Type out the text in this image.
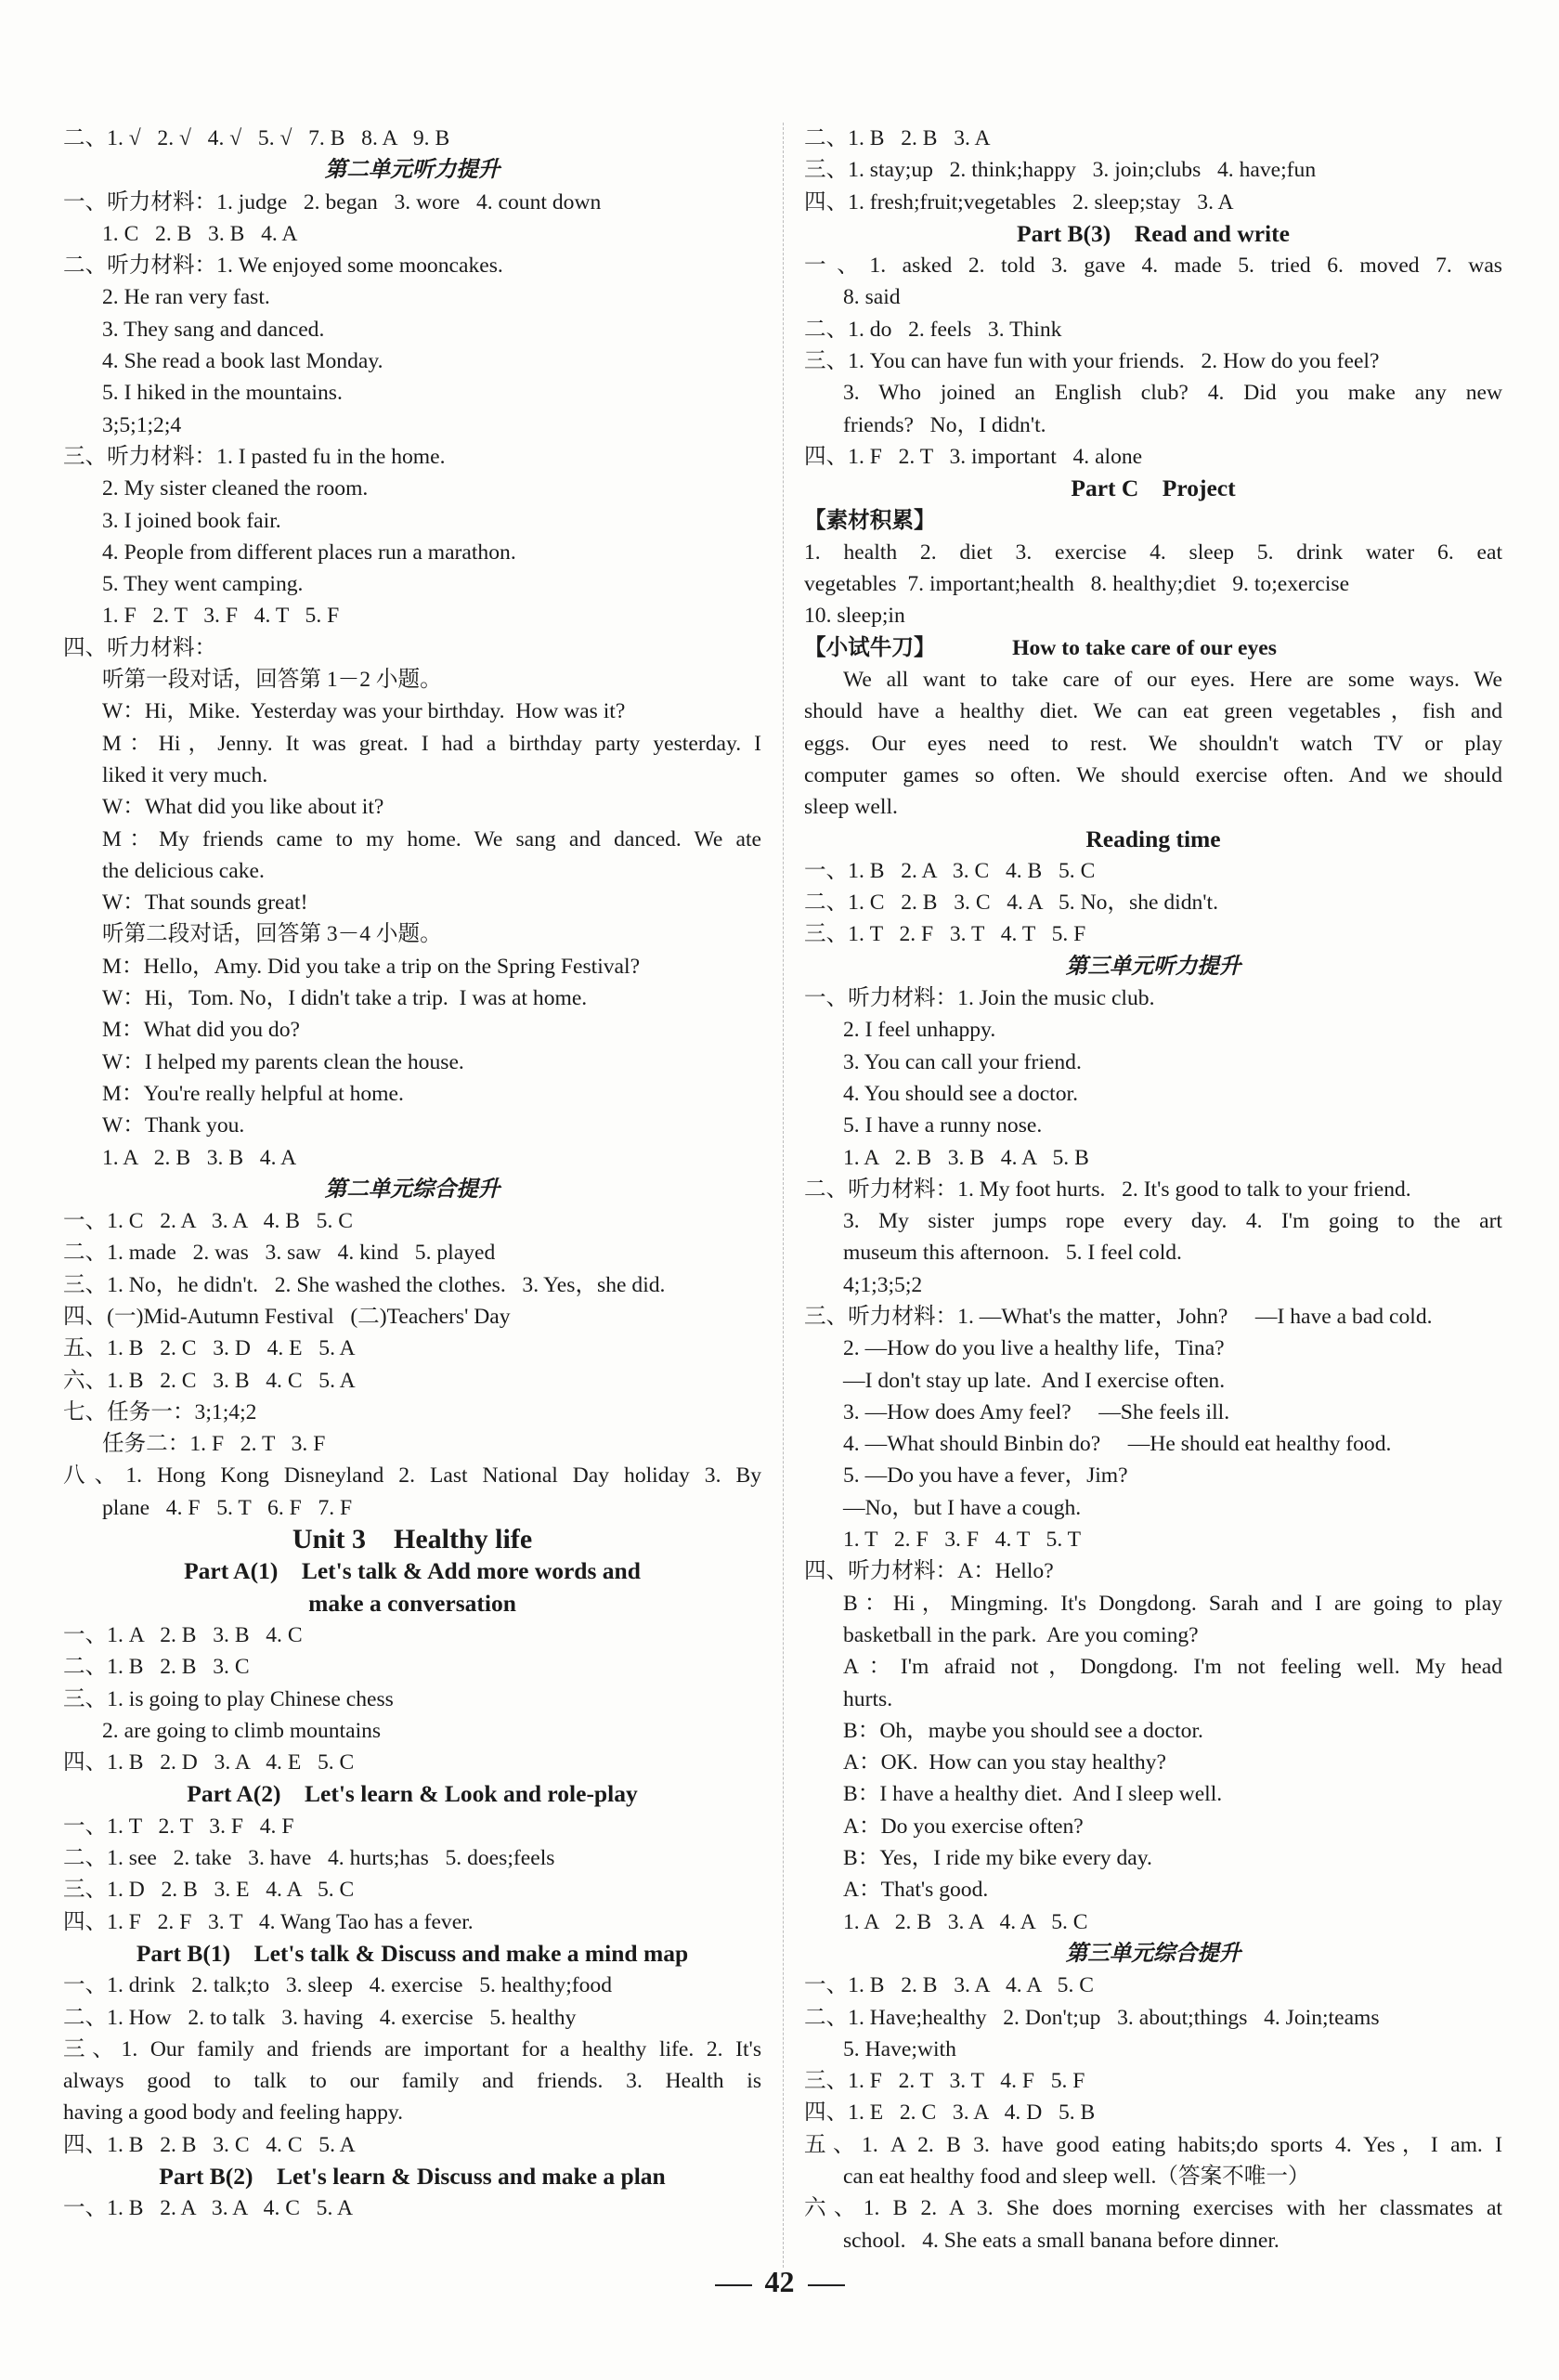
二、1. √   2. √   4. √   5. √   7. B   8. A   9. B
第二单元听力提升
一、听力材料：1. judge   2. began   3. wore   4. count down
1. C   2. B   3. B   4. A
二、听力材料：1. We enjoyed some mooncakes.
2. He ran very fast.
3. They sang and danced.
4. She read a book last Monday.
5. I hiked in the mountains.
3;5;1;2;4
三、听力材料：1. I pasted fu in the home.
2. My sister cleaned the room.
3. I joined book fair.
4. People from different places run a marathon.
5. They went camping.
1. F   2. T   3. F   4. T   5. F
四、听力材料：
听第一段对话，回答第 1－2 小题。
W：Hi，Mike.  Yesterday was your birthday.  How was it?
M：Hi，Jenny. It was great. I had a birthday party yesterday. I
liked it very much.
W：What did you like about it?
M：My friends came to my home. We sang and danced. We ate
the delicious cake.
W：That sounds great!
听第二段对话，回答第 3－4 小题。
M：Hello，Amy. Did you take a trip on the Spring Festival?
W：Hi，Tom. No，I didn't take a trip.  I was at home.
M：What did you do?
W：I helped my parents clean the house.
M：You're really helpful at home.
W：Thank you.
1. A   2. B   3. B   4. A
第二单元综合提升
一、1. C   2. A   3. A   4. B   5. C
二、1. made   2. was   3. saw   4. kind   5. played
三、1. No，he didn't.   2. She washed the clothes.   3. Yes，she did.
四、(一)Mid-Autumn Festival   (二)Teachers' Day
五、1. B   2. C   3. D   4. E   5. A
六、1. B   2. C   3. B   4. C   5. A
七、任务一：3;1;4;2
任务二：1. F   2. T   3. F
八、1. Hong Kong Disneyland 2. Last National Day holiday 3. By
plane   4. F   5. T   6. F   7. F
Unit 3    Healthy life
Part A(1)    Let's talk & Add more words and
make a conversation
一、1. A   2. B   3. B   4. C
二、1. B   2. B   3. C
三、1. is going to play Chinese chess
2. are going to climb mountains
四、1. B   2. D   3. A   4. E   5. C
Part A(2)    Let's learn & Look and role-play
一、1. T   2. T   3. F   4. F
二、1. see   2. take   3. have   4. hurts;has   5. does;feels
三、1. D   2. B   3. E   4. A   5. C
四、1. F   2. F   3. T   4. Wang Tao has a fever.
Part B(1)    Let's talk & Discuss and make a mind map
一、1. drink   2. talk;to   3. sleep   4. exercise   5. healthy;food
二、1. How   2. to talk   3. having   4. exercise   5. healthy
三、1. Our family and friends are important for a healthy life. 2. It's
always good to talk to our family and friends. 3. Health is
having a good body and feeling happy.
四、1. B   2. B   3. C   4. C   5. A
Part B(2)    Let's learn & Discuss and make a plan
一、1. B   2. A   3. A   4. C   5. A
二、1. B   2. B   3. A
三、1. stay;up   2. think;happy   3. join;clubs   4. have;fun
四、1. fresh;fruit;vegetables   2. sleep;stay   3. A
Part B(3)    Read and write
一、1. asked 2. told 3. gave 4. made 5. tried 6. moved 7. was
8. said
二、1. do   2. feels   3. Think
三、1. You can have fun with your friends.   2. How do you feel?
3. Who joined an English club? 4. Did you make any new
friends?   No，I didn't.
四、1. F   2. T   3. important   4. alone
Part C    Project
【素材积累】
1. health 2. diet 3. exercise 4. sleep 5. drink water 6. eat
vegetables  7. important;health   8. healthy;diet   9. to;exercise
10. sleep;in
【小试牛刀】              How to take care of our eyes
We all want to take care of our eyes. Here are some ways. We
should have a healthy diet. We can eat green vegetables，fish and
eggs. Our eyes need to rest. We shouldn't watch TV or play
computer games so often. We should exercise often. And we should
sleep well.
Reading time
一、1. B   2. A   3. C   4. B   5. C
二、1. C   2. B   3. C   4. A   5. No，she didn't.
三、1. T   2. F   3. T   4. T   5. F
第三单元听力提升
一、听力材料：1. Join the music club.
2. I feel unhappy.
3. You can call your friend.
4. You should see a doctor.
5. I have a runny nose.
1. A   2. B   3. B   4. A   5. B
二、听力材料：1. My foot hurts.   2. It's good to talk to your friend.
3. My sister jumps rope every day. 4. I'm going to the art
museum this afternoon.   5. I feel cold.
4;1;3;5;2
三、听力材料：1. —What's the matter，John?     —I have a bad cold.
2. —How do you live a healthy life，Tina?
—I don't stay up late.  And I exercise often.
3. —How does Amy feel?     —She feels ill.
4. —What should Binbin do?     —He should eat healthy food.
5. —Do you have a fever，Jim?
—No，but I have a cough.
1. T   2. F   3. F   4. T   5. T
四、听力材料：A：Hello?
B：Hi，Mingming. It's Dongdong. Sarah and I are going to play
basketball in the park.  Are you coming?
A：I'm afraid not，Dongdong. I'm not feeling well. My head
hurts.
B：Oh，maybe you should see a doctor.
A：OK.  How can you stay healthy?
B：I have a healthy diet.  And I sleep well.
A：Do you exercise often?
B：Yes，I ride my bike every day.
A：That's good.
1. A   2. B   3. A   4. A   5. C
第三单元综合提升
一、1. B   2. B   3. A   4. A   5. C
二、1. Have;healthy   2. Don't;up   3. about;things   4. Join;teams
5. Have;with
三、1. F   2. T   3. T   4. F   5. F
四、1. E   2. C   3. A   4. D   5. B
五、1. A 2. B 3. have good eating habits;do sports 4. Yes，I am. I
can eat healthy food and sleep well.（答案不唯一）
六、1. B 2. A 3. She does morning exercises with her classmates at
school.   4. She eats a small banana before dinner.
42
